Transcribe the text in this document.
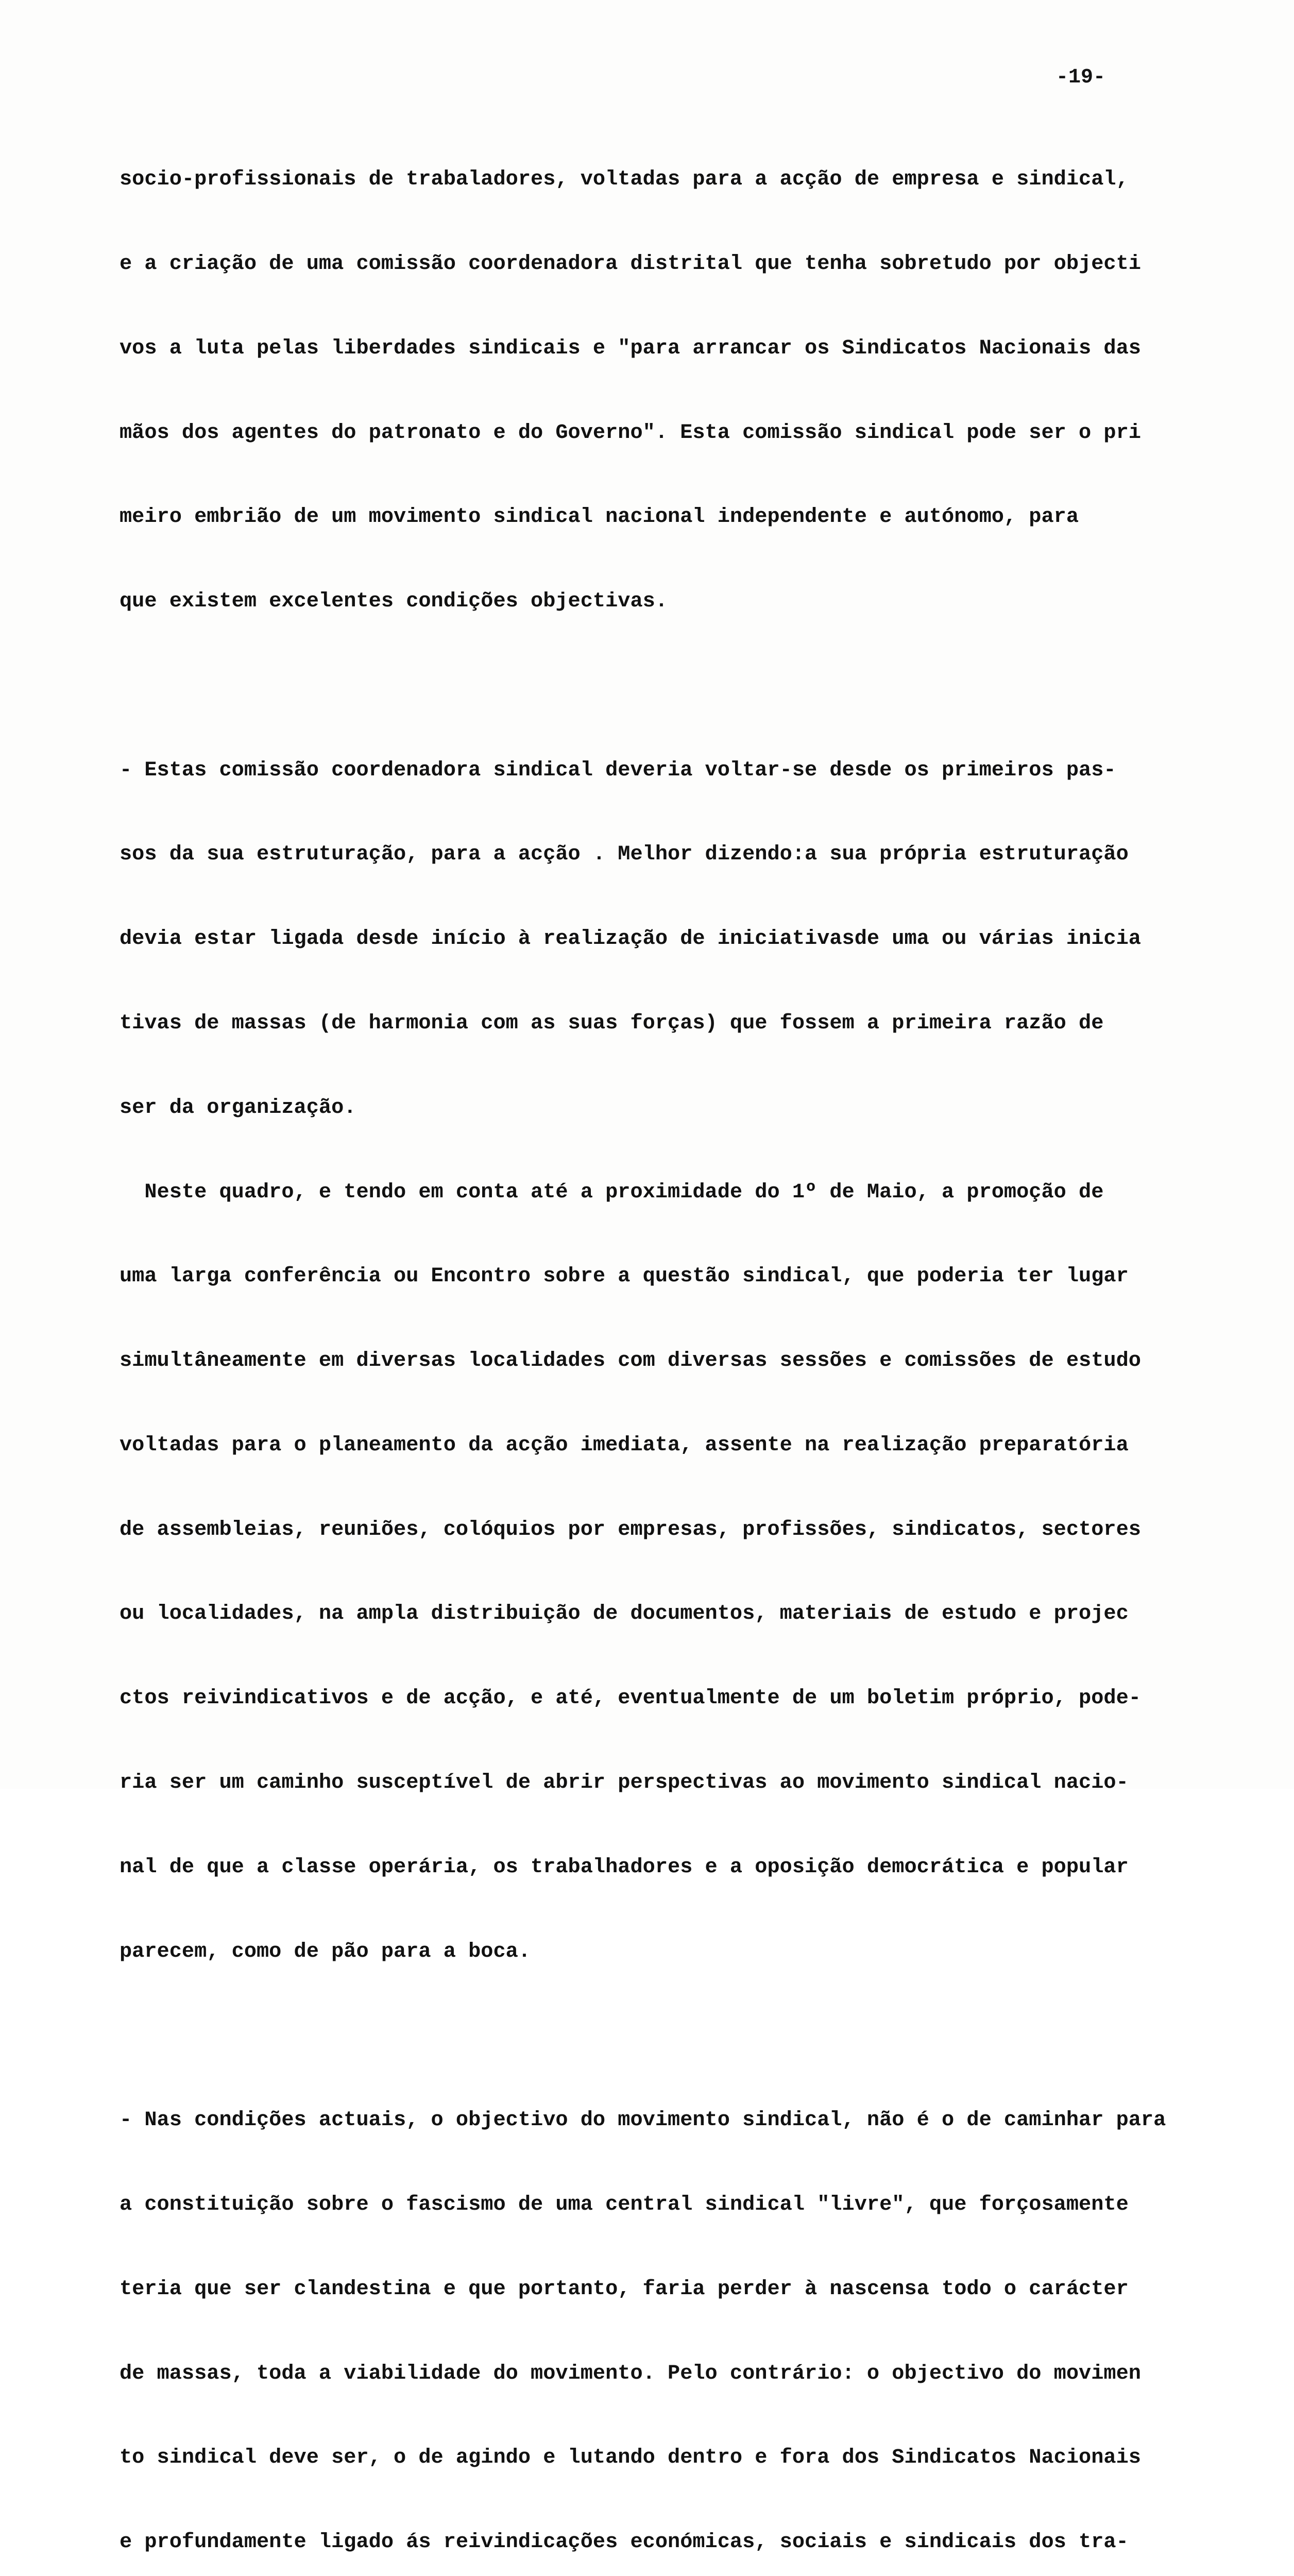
-19-

socio-profissionais de trabaladores, voltadas para a acção de empresa e sindical,

e a criação de uma comissão coordenadora distrital que tenha sobretudo por objecti

vos a luta pelas liberdades sindicais e "para arrancar os Sindicatos Nacionais das

mãos dos agentes do patronato e do Governo". Esta comissão sindical pode ser o pri

meiro embrião de um movimento sindical nacional independente e autónomo, para

que existem excelentes condições objectivas.

- Estas comissão coordenadora sindical deveria voltar-se desde os primeiros pas-

sos da sua estruturação, para a acção . Melhor dizendo:a sua própria estruturação

devia estar ligada desde início à realização de iniciativasde uma ou várias inicia

tivas de massas (de harmonia com as suas forças) que fossem a primeira razão de

ser da organização.

Neste quadro, e tendo em conta até a proximidade do 1º de Maio, a promoção de

uma larga conferência ou Encontro sobre a questão sindical, que poderia ter lugar

simultâneamente em diversas localidades com diversas sessões e comissões de estudo

voltadas para o planeamento da acção imediata, assente na realização preparatória

de assembleias, reuniões, colóquios por empresas, profissões, sindicatos, sectores

ou localidades, na ampla distribuição de documentos, materiais de estudo e projec

ctos reivindicativos e de acção, e até, eventualmente de um boletim próprio, pode-

ria ser um caminho susceptível de abrir perspectivas ao movimento sindical nacio-

nal de que a classe operária, os trabalhadores e a oposição democrática e popular

parecem, como de pão para a boca.

- Nas condições actuais, o objectivo do movimento sindical, não é o de caminhar para

a constituição sobre o fascismo de uma central sindical "livre", que forçosamente

teria que ser clandestina e que portanto, faria perder à nascensa todo o carácter

de massas, toda a viabilidade do movimento. Pelo contrário: o objectivo do movimen

to sindical deve ser, o de agindo e lutando dentro e fora dos Sindicatos Nacionais

e profundamente ligado ás reivindicações económicas, sociais e sindicais dos tra-
